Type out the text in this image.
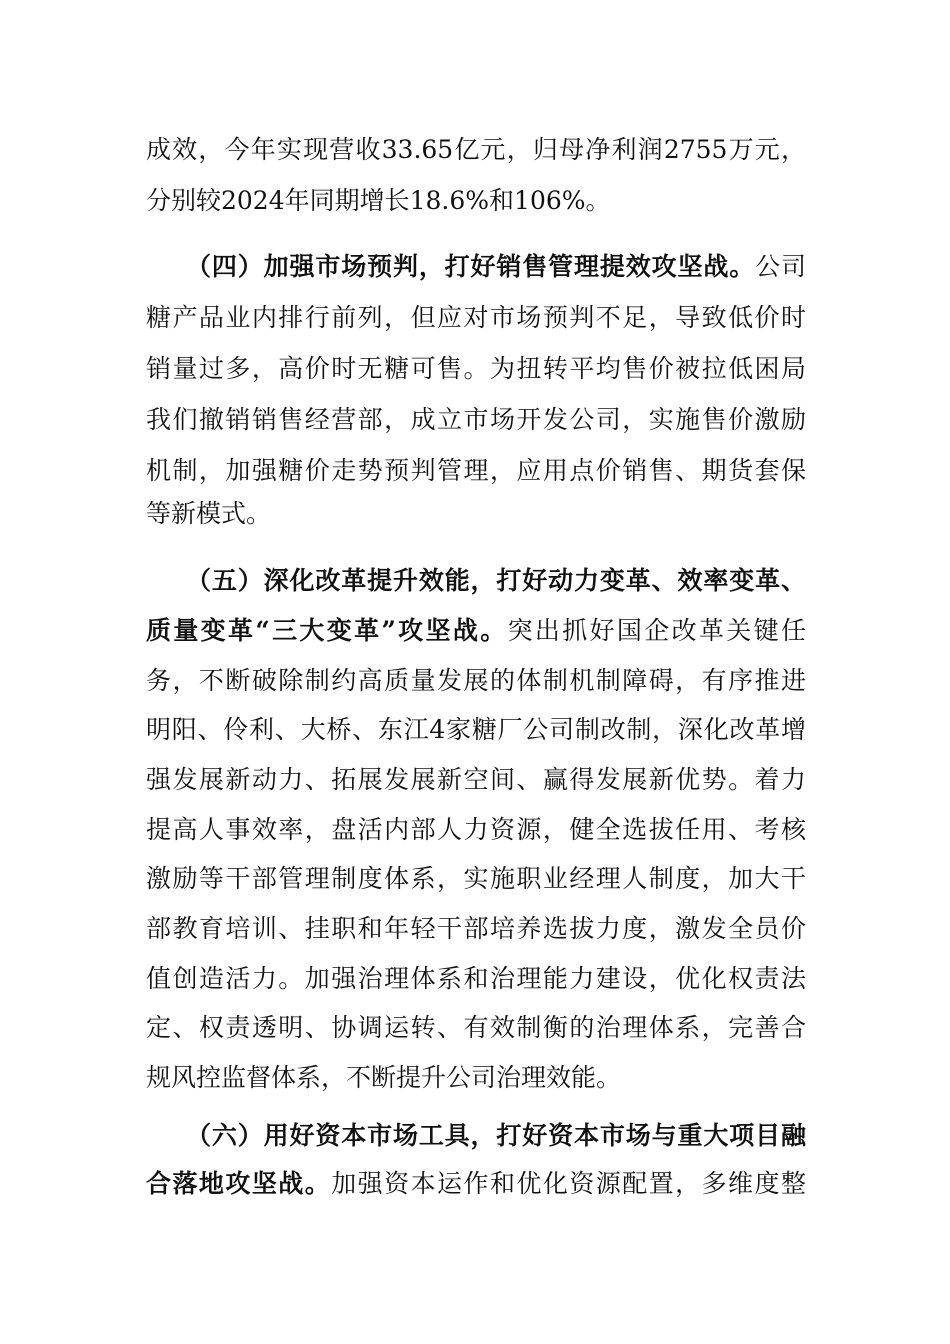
成效，今年实现营收33.65亿元，归母净利润2755万元，
分别较2024年同期增长18.6%和106%。
（四）加强市场预判，打好销售管理提效攻坚战。公司
糖产品业内排行前列，但应对市场预判不足，导致低价时
销量过多，高价时无糖可售。为扭转平均售价被拉低困局
我们撤销销售经营部，成立市场开发公司，实施售价激励
机制，加强糖价走势预判管理，应用点价销售、期货套保
等新模式。
（五）深化改革提升效能，打好动力变革、效率变革、
质量变革“三大变革”攻坚战。突出抓好国企改革关键任
务，不断破除制约高质量发展的体制机制障碍，有序推进
明阳、伶利、大桥、东江4家糖厂公司制改制，深化改革增
强发展新动力、拓展发展新空间、赢得发展新优势。着力
提高人事效率，盘活内部人力资源，健全选拔任用、考核
激励等干部管理制度体系，实施职业经理人制度，加大干
部教育培训、挂职和年轻干部培养选拔力度，激发全员价
值创造活力。加强治理体系和治理能力建设，优化权责法
定、权责透明、协调运转、有效制衡的治理体系，完善合
规风控监督体系，不断提升公司治理效能。
（六）用好资本市场工具，打好资本市场与重大项目融
合落地攻坚战。加强资本运作和优化资源配置，多维度整
